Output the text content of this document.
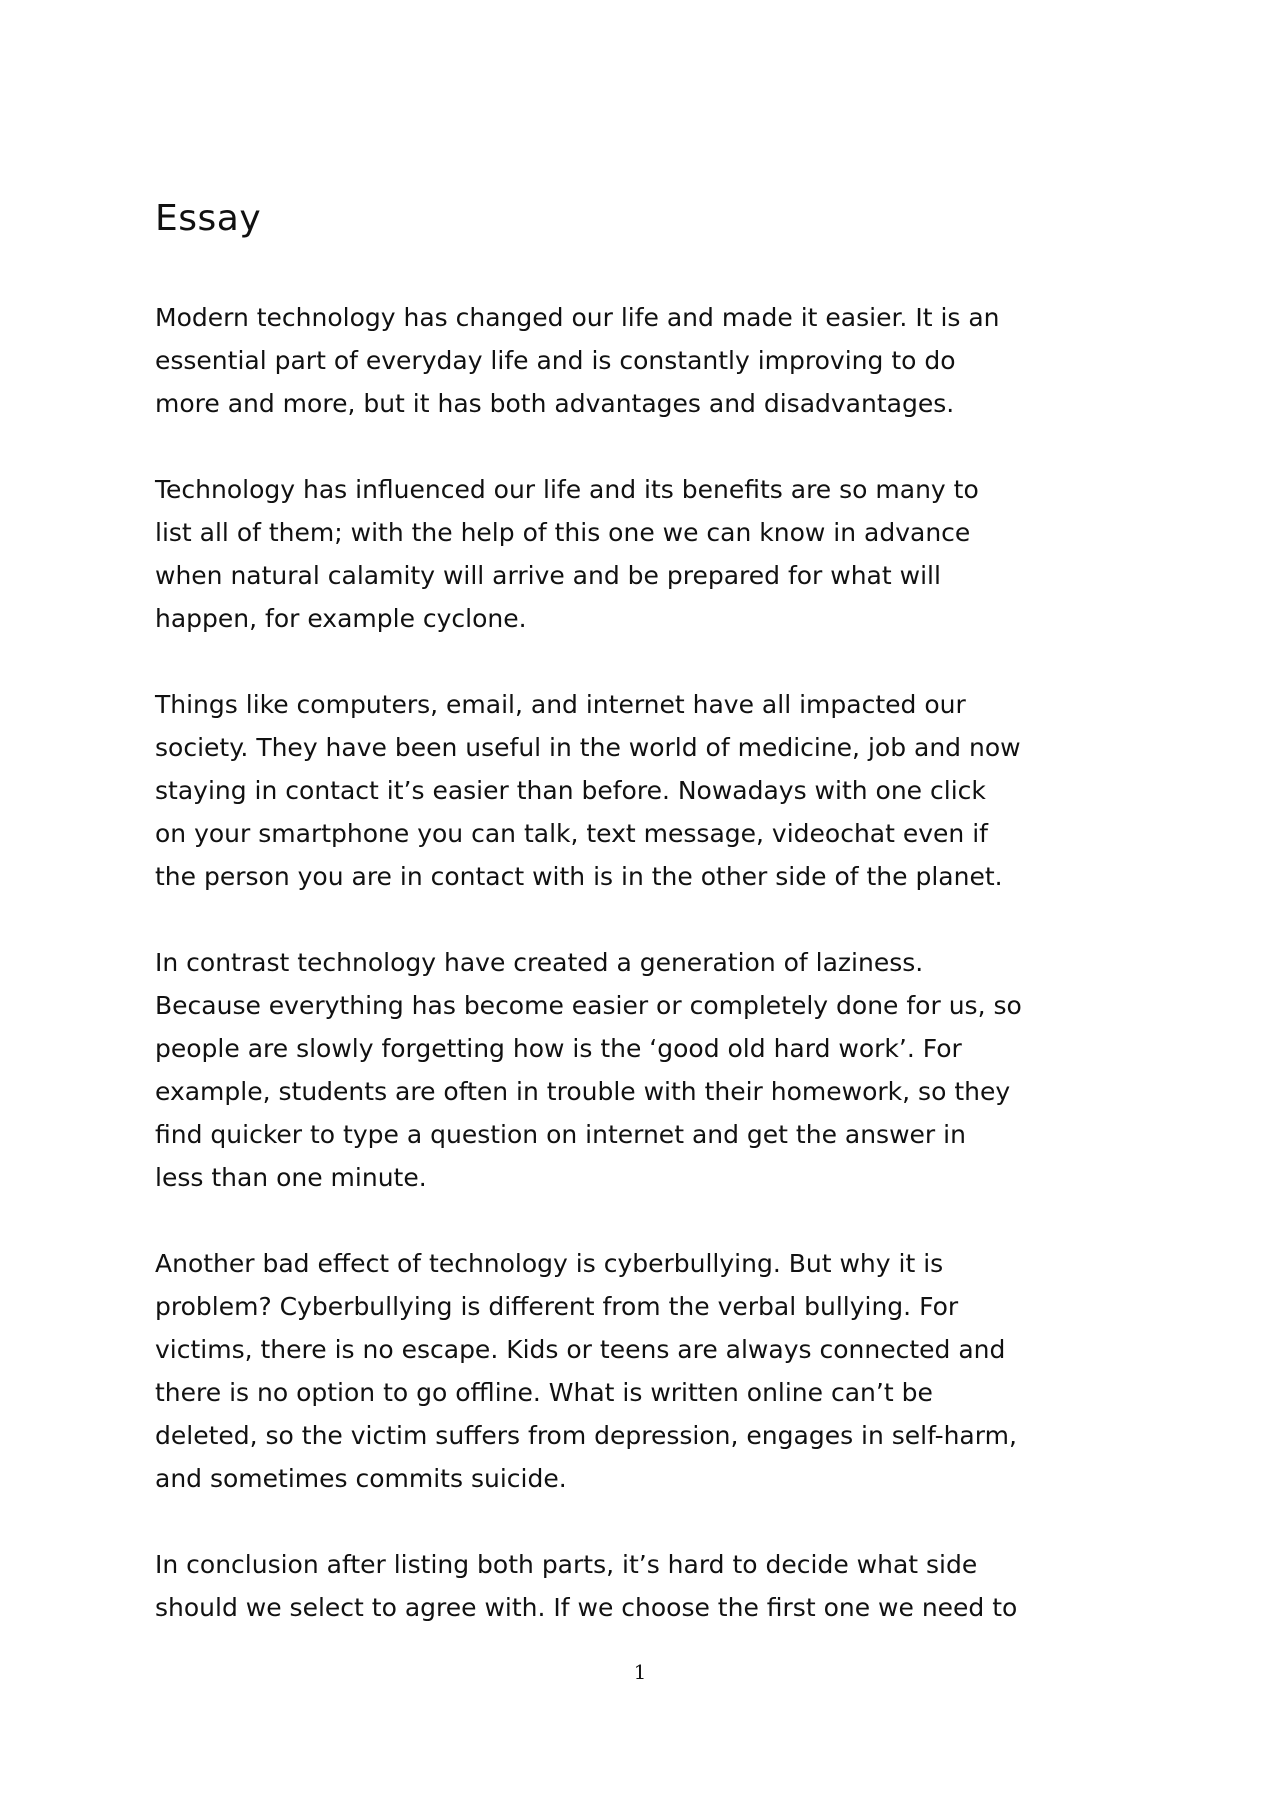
Essay

Modern technology has changed our life and made it easier. It is an
essential part of everyday life and is constantly improving to do
more and more, but it has both advantages and disadvantages.

Technology has influenced our life and its benefits are so many to
list all of them; with the help of this one we can know in advance
when natural calamity will arrive and be prepared for what will
happen, for example cyclone.

Things like computers, email, and internet have all impacted our
society. They have been useful in the world of medicine, job and now
staying in contact it’s easier than before. Nowadays with one click
on your smartphone you can talk, text message, videochat even if
the person you are in contact with is in the other side of the planet.

In contrast technology have created a generation of laziness.
Because everything has become easier or completely done for us, so
people are slowly forgetting how is the ‘good old hard work’. For
example, students are often in trouble with their homework, so they
find quicker to type a question on internet and get the answer in
less than one minute.

Another bad effect of technology is cyberbullying. But why it is
problem? Cyberbullying is different from the verbal bullying. For
victims, there is no escape. Kids or teens are always connected and
there is no option to go offline. What is written online can’t be
deleted, so the victim suffers from depression, engages in self-harm,
and sometimes commits suicide.

In conclusion after listing both parts, it’s hard to decide what side
should we select to agree with. If we choose the first one we need to

1
